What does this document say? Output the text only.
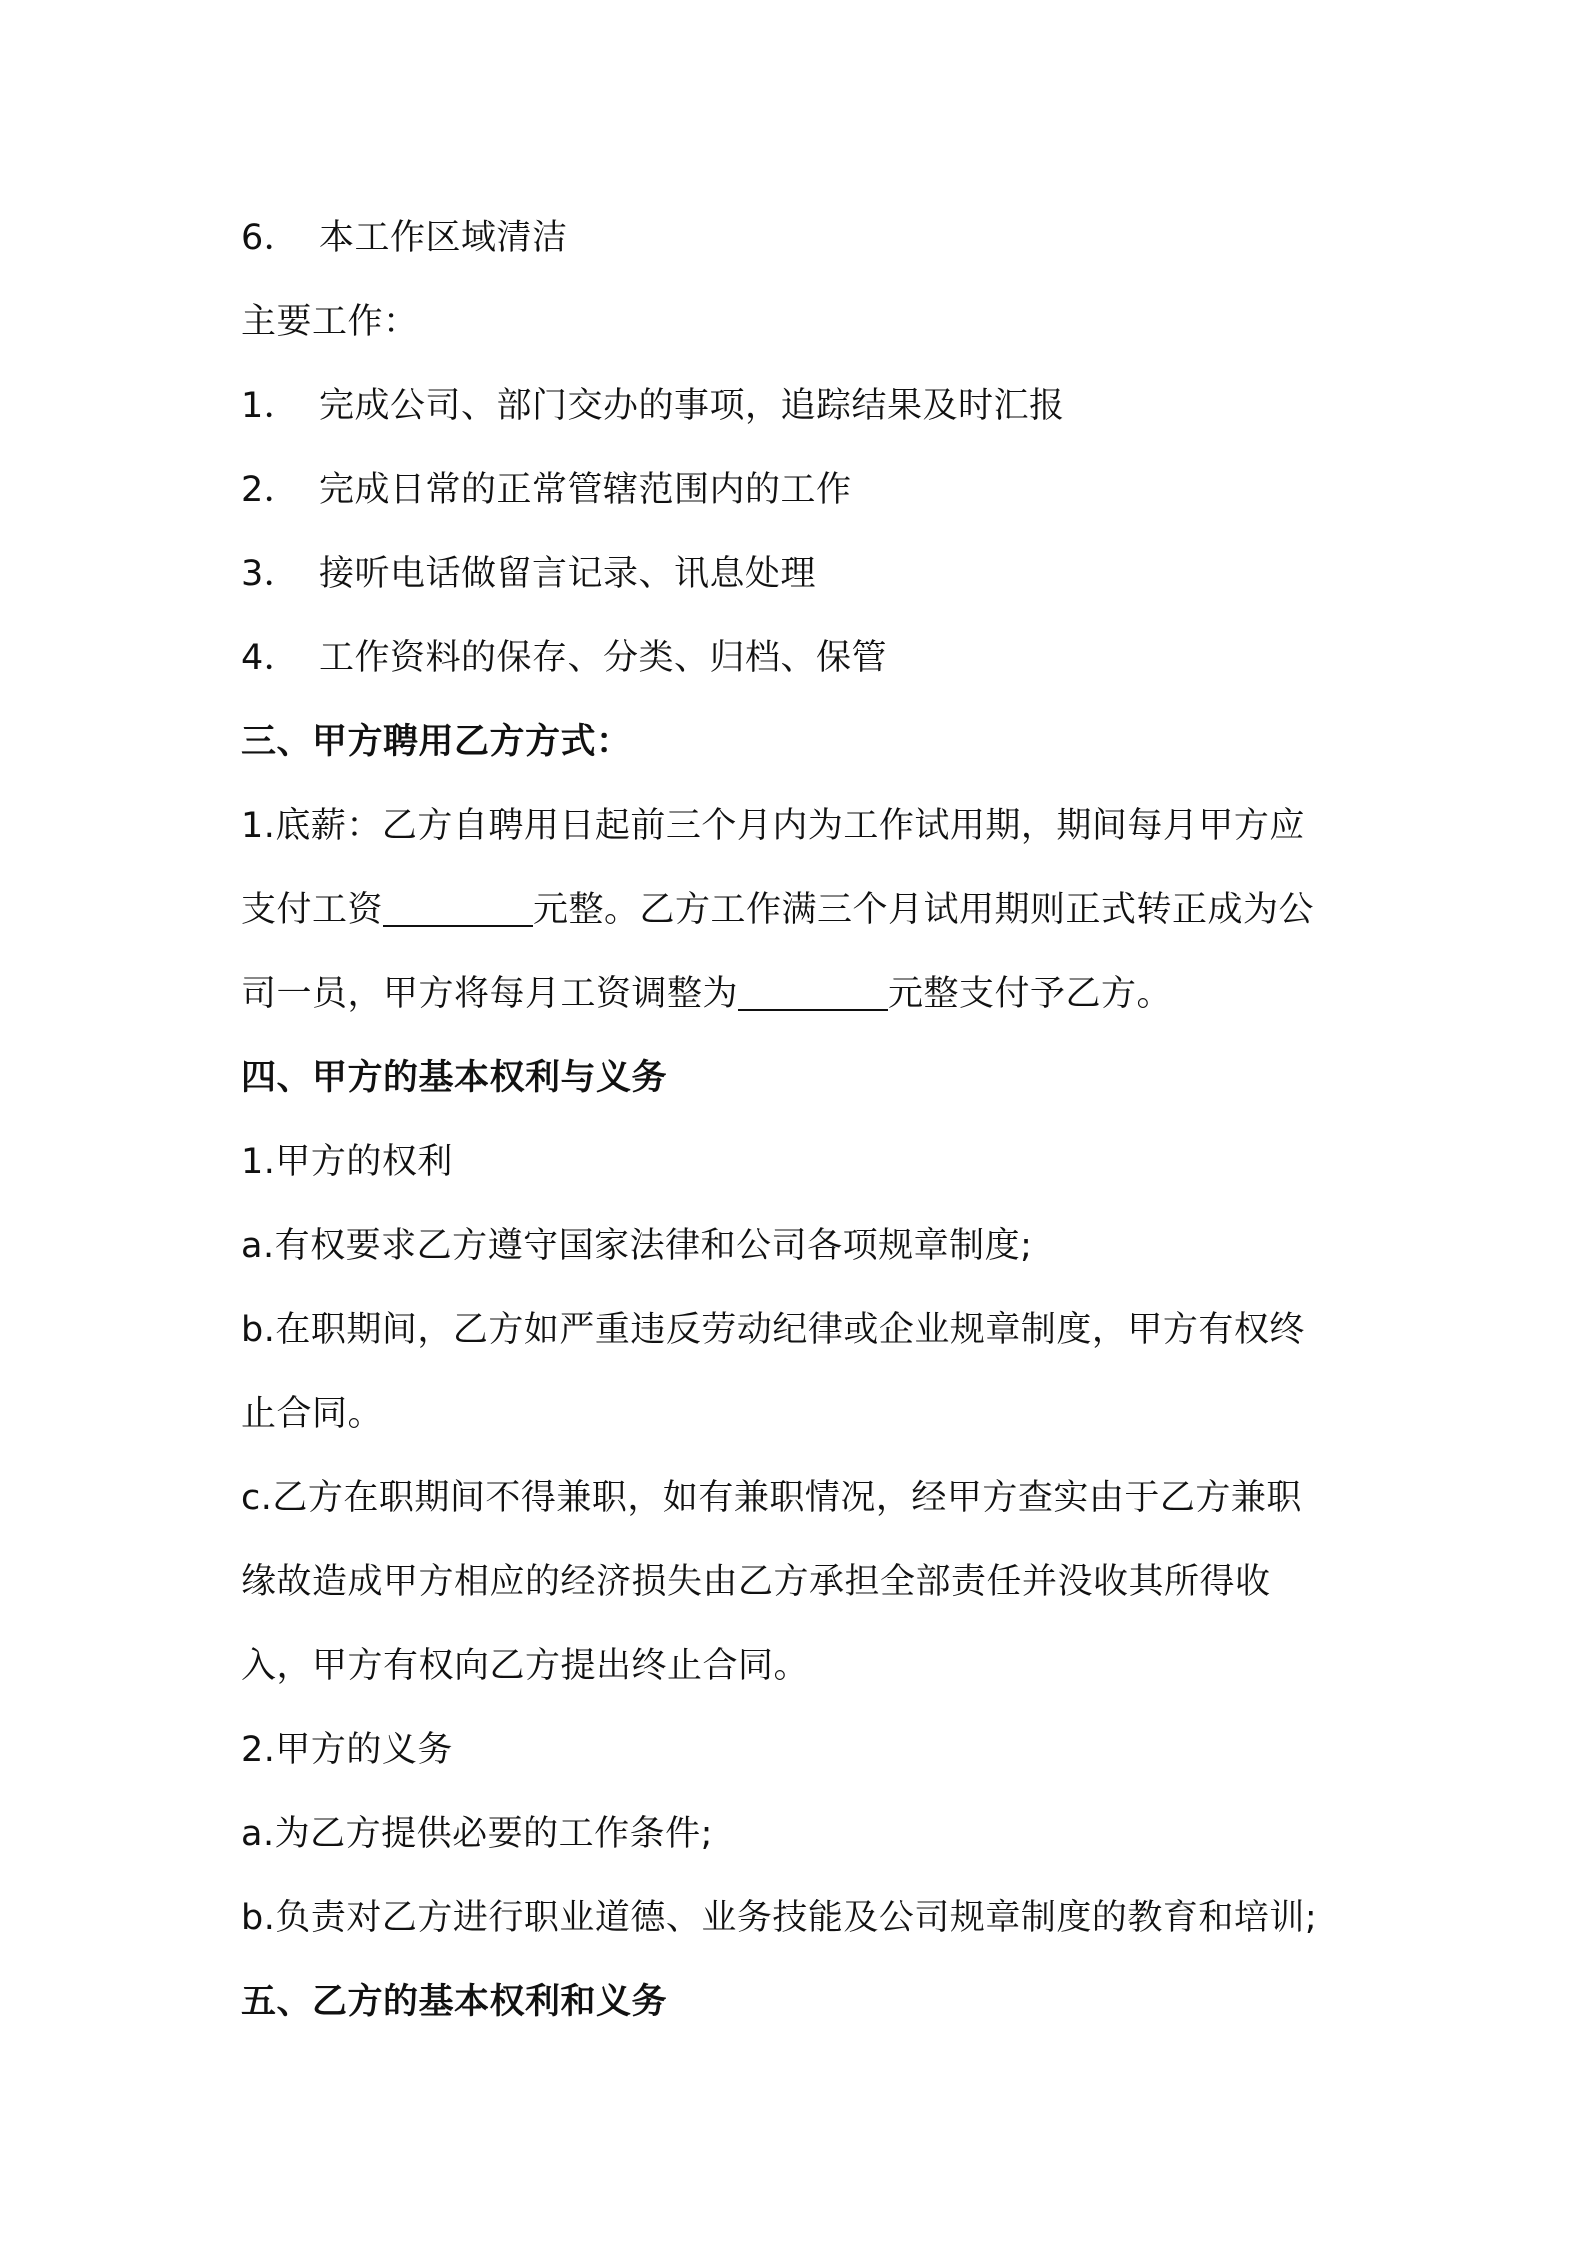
6． 本工作区域清洁
主要工作：
1． 完成公司、部门交办的事项，追踪结果及时汇报
2． 完成日常的正常管辖范围内的工作
3． 接听电话做留言记录、讯息处理
4． 工作资料的保存、分类、归档、保管
三、甲方聘用乙方方式：
1.底薪：乙方自聘用日起前三个月内为工作试用期，期间每月甲方应
支付工资	元整。乙方工作满三个月试用期则正式转正成为公
司一员，甲方将每月工资调整为	元整支付予乙方。
四、甲方的基本权利与义务
1.甲方的权利
a.有权要求乙方遵守国家法律和公司各项规章制度;
b.在职期间，乙方如严重违反劳动纪律或企业规章制度，甲方有权终
止合同。
c.乙方在职期间不得兼职，如有兼职情况，经甲方查实由于乙方兼职
缘故造成甲方相应的经济损失由乙方承担全部责任并没收其所得收
入，甲方有权向乙方提出终止合同。
2.甲方的义务
a.为乙方提供必要的工作条件;
b.负责对乙方进行职业道德、业务技能及公司规章制度的教育和培训;
五、乙方的基本权利和义务
